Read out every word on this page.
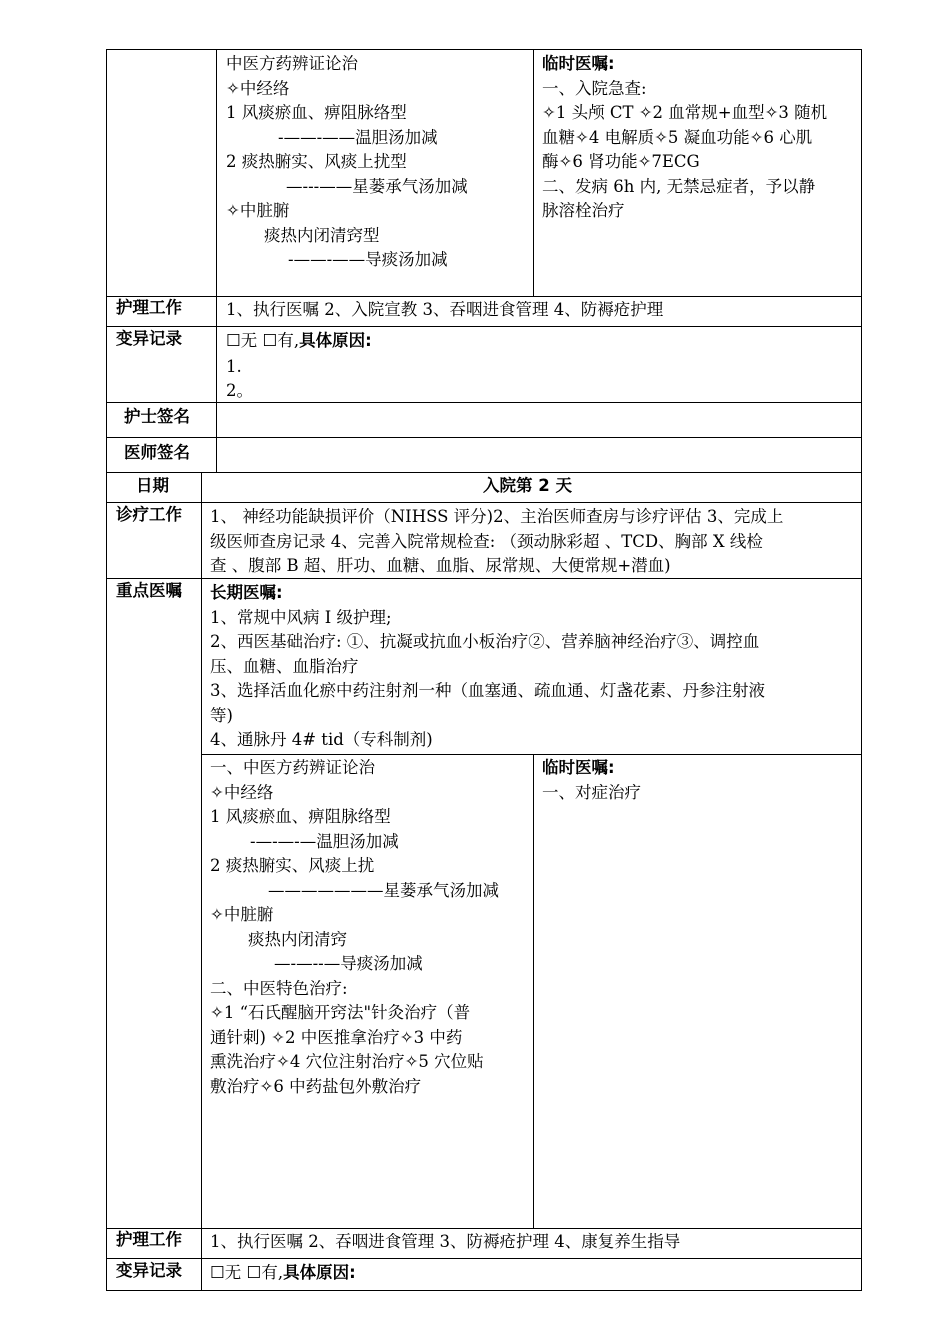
中医方药辨证论治
✧中经络
1 风痰瘀血、痹阻脉络型
-——-——温胆汤加减
2 痰热腑实、风痰上扰型
—---——星蒌承气汤加减
✧中脏腑
痰热内闭清窍型
-——-——导痰汤加减
临时医嘱:
一、入院急查:
✧1 头颅 CT ✧2 血常规+血型✧3 随机
血糖✧4 电解质✧5 凝血功能✧6 心肌
酶✧6 肾功能✧7ECG
二、发病 6h 内, 无禁忌症者，予以静
脉溶栓治疗
护理工作	1、执行医嘱 2、入院宣教 3、吞咽进食管理 4、防褥疮护理
变异记录	☐无 ☐有,具体原因:
1.
2。
护士签名
医师签名
日期	入院第 2 天
诊疗工作 1、 神经功能缺损评价（NIHSS 评分)2、主治医师查房与诊疗评估 3、完成上
级医师查房记录 4、完善入院常规检查: （颈动脉彩超 、TCD、胸部 X 线检
查 、腹部 B 超、肝功、血糖、血脂、尿常规、大便常规+潜血)
重点医嘱 长期医嘱:
1、常规中风病 I 级护理;
2、西医基础治疗: ①、抗凝或抗血小板治疗②、营养脑神经治疗③、调控血
压、血糖、血脂治疗
3、选择活血化瘀中药注射剂一种（血塞通、疏血通、灯盏花素、丹参注射液
等)
4、通脉丹 4# tid（专科制剂)
一、中医方药辨证论治
✧中经络
1 风痰瘀血、痹阻脉络型
-—-—-—温胆汤加减
2 痰热腑实、风痰上扰
———————星蒌承气汤加减
✧中脏腑
痰热内闭清窍
—-—--—导痰汤加减
二、中医特色治疗:
✧1 “石氏醒脑开窍法"针灸治疗（普
通针刺) ✧2 中医推拿治疗✧3 中药
熏洗治疗✧4 穴位注射治疗✧5 穴位贴
敷治疗✧6 中药盐包外敷治疗
临时医嘱:
一、对症治疗
护理工作 1、执行医嘱 2、吞咽进食管理 3、防褥疮护理 4、康复养生指导
变异记录 ☐无 ☐有,具体原因:
